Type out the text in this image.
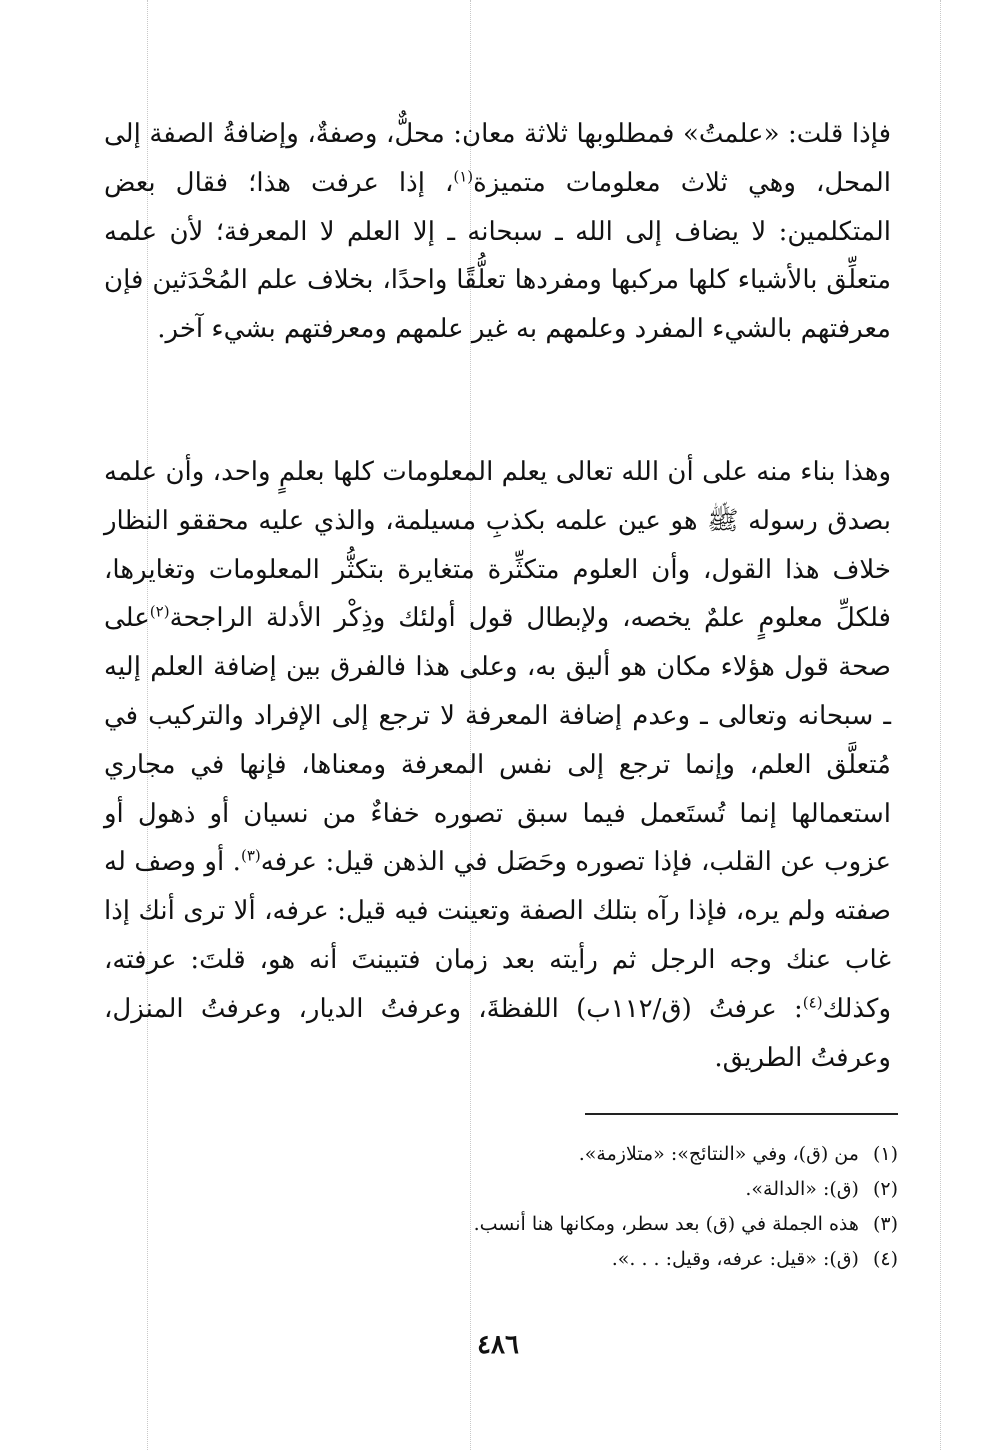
فإذا قلت: «علمتُ» فمطلوبها ثلاثة معان: محلٌّ، وصفةٌ، وإضافةُ الصفة إلى المحل، وهي ثلاث معلومات متميزة$^{(١)}$، إذا عرفت هذا؛ فقال بعض المتكلمين: لا يضاف إلى الله ـ سبحانه ـ إلا العلم لا المعرفة؛ لأن علمه متعلِّق بالأشياء كلها مركبها ومفردها تعلُّقًا واحدًا، بخلاف علم المُحْدَثين فإن معرفتهم بالشيء المفرد وعلمهم به غير علمهم ومعرفتهم بشيء آخر.

وهذا بناء منه على أن الله تعالى يعلم المعلومات كلها بعلمٍ واحد، وأن علمه بصدق رسوله ﷺ هو عين علمه بكذبِ مسيلمة، والذي عليه محققو النظار خلاف هذا القول، وأن العلوم متكثِّرة متغايرة بتكثُّر المعلومات وتغايرها، فلكلِّ معلومٍ علمٌ يخصه، ولإبطال قول أولئك وذِكْر الأدلة الراجحة$^{(٢)}$على صحة قول هؤلاء مكان هو أليق به، وعلى هذا فالفرق بين إضافة العلم إليه ـ سبحانه وتعالى ـ وعدم إضافة المعرفة لا ترجع إلى الإفراد والتركيب في مُتعلَّق العلم، وإنما ترجع إلى نفس المعرفة ومعناها، فإنها في مجاري استعمالها إنما تُستَعمل فيما سبق تصوره خفاءٌ من نسيان أو ذهول أو عزوب عن القلب، فإذا تصوره وحَصَل في الذهن قيل: عرفه$^{(٣)}$. أو وصف له صفته ولم يره، فإذا رآه بتلك الصفة وتعينت فيه قيل: عرفه، ألا ترى أنك إذا غاب عنك وجه الرجل ثم رأيته بعد زمان فتبينتَ أنه هو، قلتَ: عرفته، وكذلك$^{(٤)}$: عرفتُ (ق/١١٢ب) اللفظةَ، وعرفتُ الديار، وعرفتُ المنزل، وعرفتُ الطريق.

(١)من (ق)، وفي «النتائج»: «متلازمة».
(٢)(ق): «الدالة».
(٣)هذه الجملة في (ق) بعد سطر، ومكانها هنا أنسب.
(٤)(ق): «قيل: عرفه، وقيل: . . .».
٤٨٦
